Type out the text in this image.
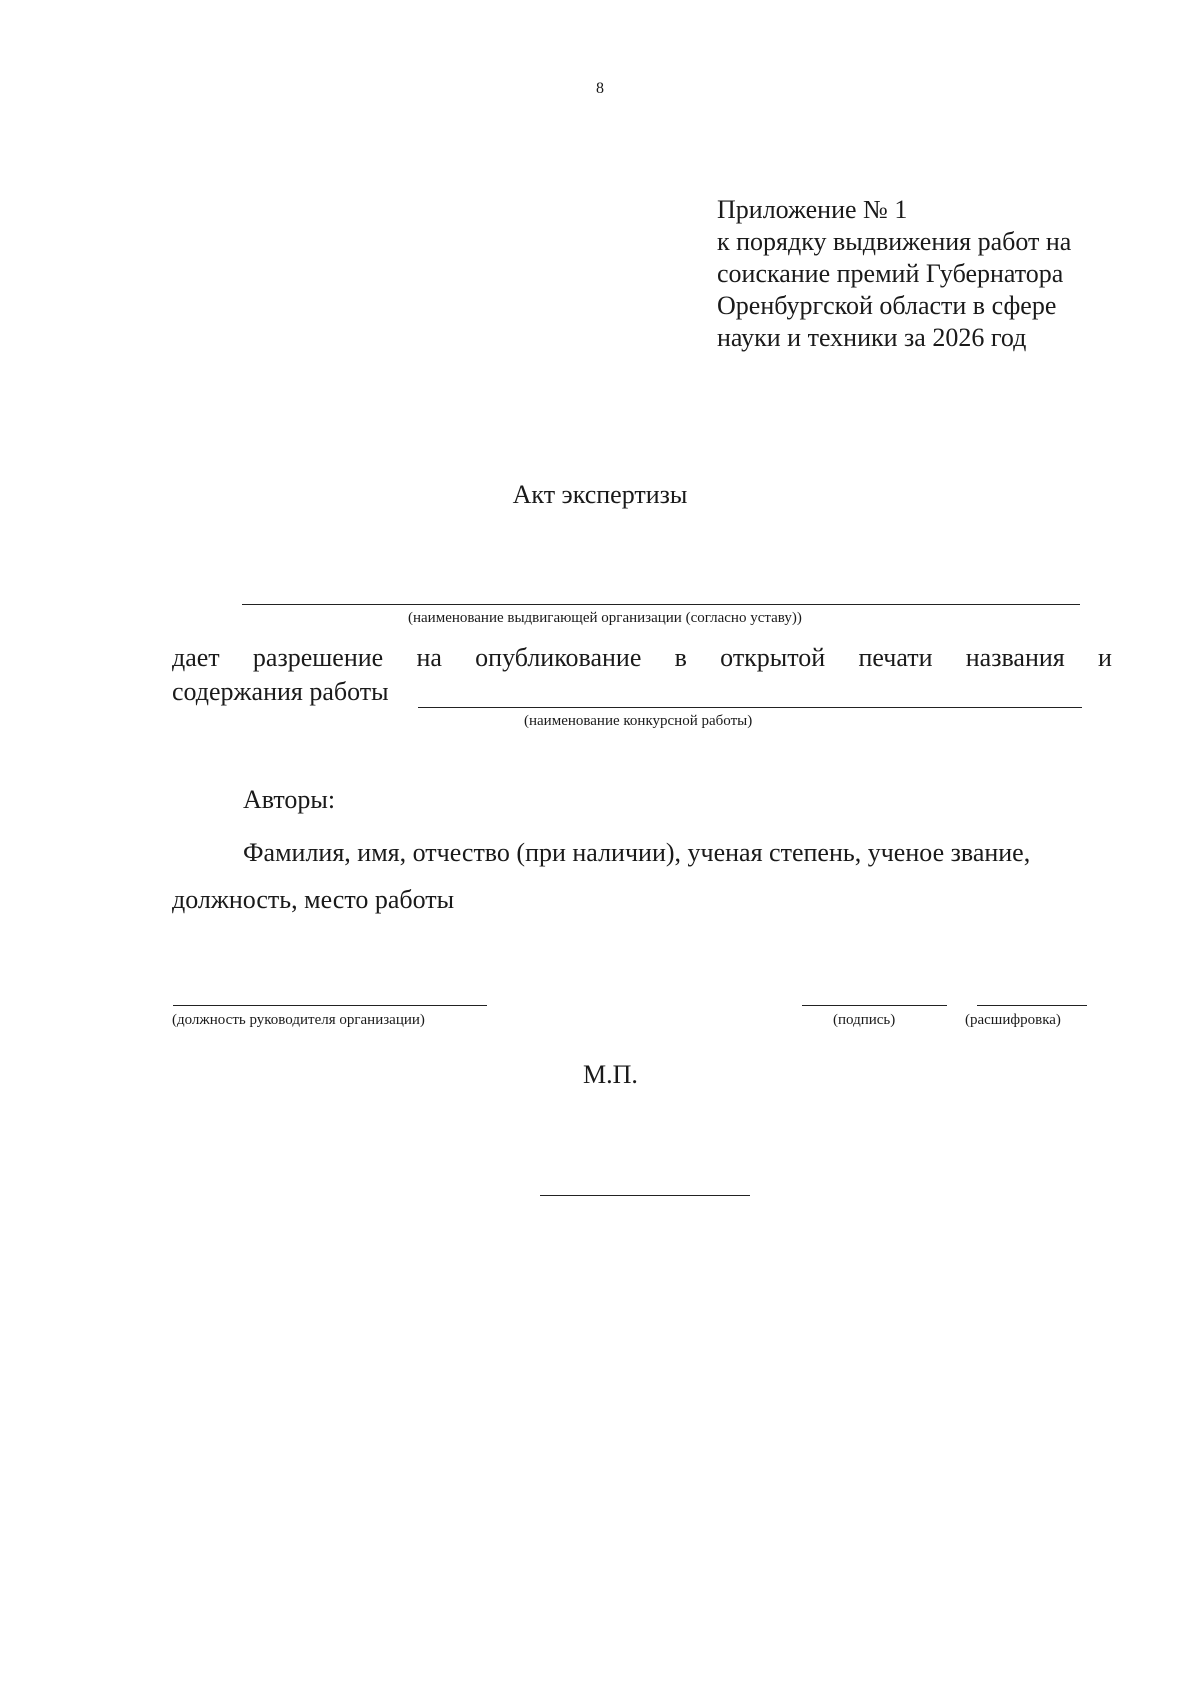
8
Приложение № 1
к порядку выдвижения работ на
соискание премий Губернатора
Оренбургской области в сфере
науки и техники за 2026 год
Акт экспертизы
(наименование выдвигающей организации (согласно уставу))
дает разрешение на опубликование в открытой печати названия и
содержания работы
(наименование конкурсной работы)
Авторы:
Фамилия, имя, отчество (при наличии), ученая степень, ученое звание,
должность, место работы
(должность руководителя организации)	(подпись)	(расшифровка)
М.П.
